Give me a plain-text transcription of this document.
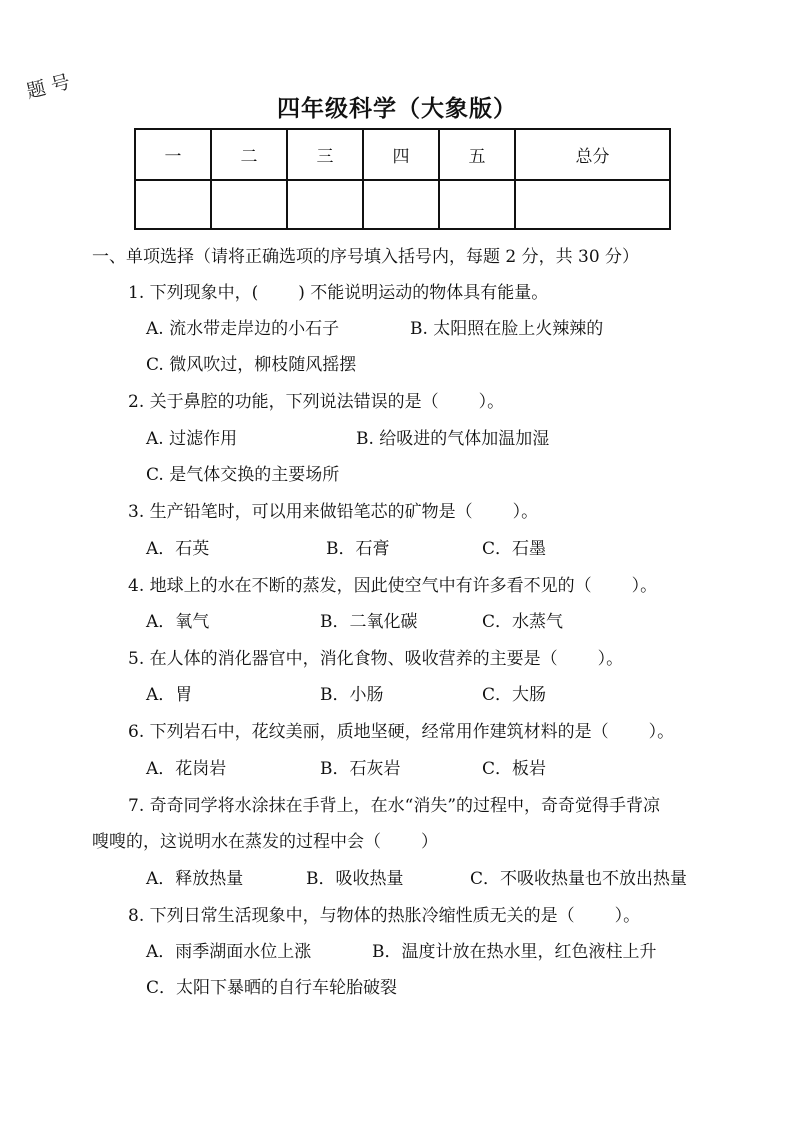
题 号
四年级科学（大象版）
一	二	三	四	五	总分

一、单项选择（请将正确选项的序号填入括号内，每题 2 分，共 30 分）
1. 下列现象中，( ) 不能说明运动的物体具有能量。
A. 流水带走岸边的小石子	B. 太阳照在脸上火辣辣的
C. 微风吹过，柳枝随风摇摆
2. 关于鼻腔的功能，下列说法错误的是（ ）。
A. 过滤作用	B. 给吸进的气体加温加湿
C. 是气体交换的主要场所
3. 生产铅笔时，可以用来做铅笔芯的矿物是（ ）。
A．石英	B．石膏	C．石墨
4. 地球上的水在不断的蒸发，因此使空气中有许多看不见的（ ）。
A．氧气	B．二氧化碳	C．水蒸气
5. 在人体的消化器官中，消化食物、吸收营养的主要是（ ）。
A．胃	B．小肠	C．大肠
6. 下列岩石中，花纹美丽，质地坚硬，经常用作建筑材料的是（ ）。
A．花岗岩	B．石灰岩	C．板岩
7. 奇奇同学将水涂抹在手背上，在水“消失”的过程中，奇奇觉得手背凉
嗖嗖的，这说明水在蒸发的过程中会（ ）
A．释放热量	B．吸收热量	C．不吸收热量也不放出热量
8. 下列日常生活现象中，与物体的热胀冷缩性质无关的是（ ）。
A．雨季湖面水位上涨	B．温度计放在热水里，红色液柱上升
C．太阳下暴晒的自行车轮胎破裂
